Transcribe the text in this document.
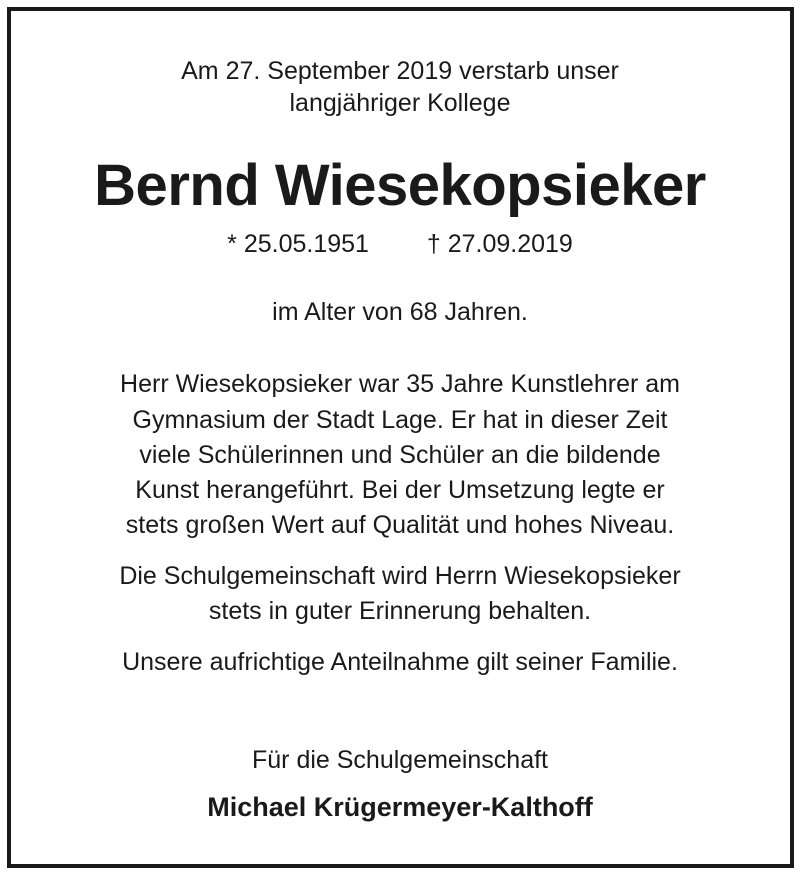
Am 27. September 2019 verstarb unser
langjähriger Kollege
Bernd Wiesekopsieker
* 25.05.1951 † 27.09.2019
im Alter von 68 Jahren.
Herr Wiesekopsieker war 35 Jahre Kunstlehrer am
Gymnasium der Stadt Lage. Er hat in dieser Zeit
viele Schülerinnen und Schüler an die bildende
Kunst herangeführt. Bei der Umsetzung legte er
stets großen Wert auf Qualität und hohes Niveau.
Die Schulgemeinschaft wird Herrn Wiesekopsieker
stets in guter Erinnerung behalten.
Unsere aufrichtige Anteilnahme gilt seiner Familie.
Für die Schulgemeinschaft
Michael Krügermeyer-Kalthoff
